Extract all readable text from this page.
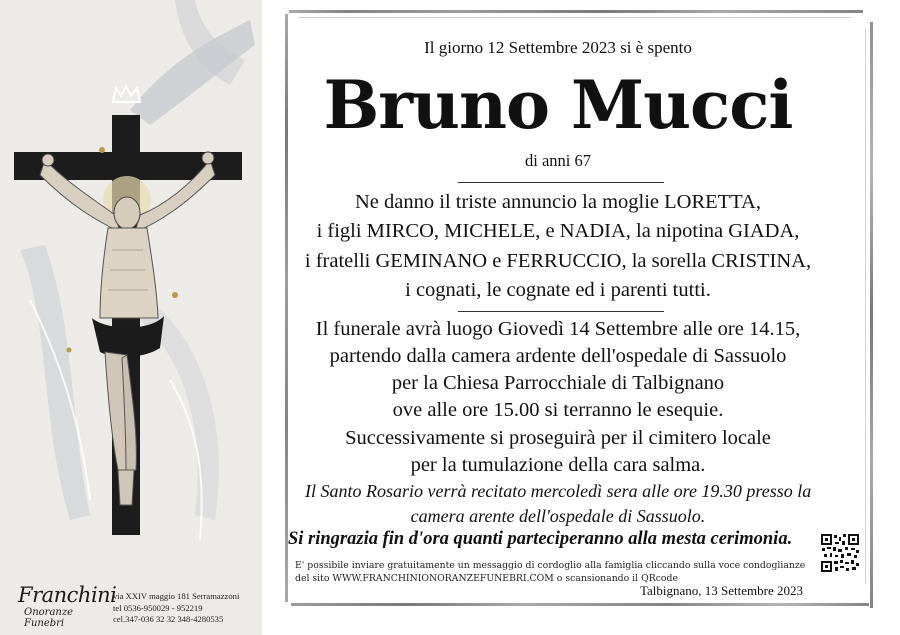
Franchini
Onoranze Funebri
via XXIV maggio 181 Serramazzoni
tel 0536-950029 - 952219
cel.347-036 32 32 348-4280535
Il giorno 12 Settembre 2023 si è spento
Bruno Mucci
di anni 67
Ne danno il triste annuncio la moglie LORETTA,
i figli MIRCO, MICHELE, e NADIA, la nipotina GIADA,
i fratelli GEMINANO e FERRUCCIO, la sorella CRISTINA,
i cognati, le cognate ed i parenti tutti.
Il funerale avrà luogo Giovedì 14 Settembre alle ore 14.15,
partendo dalla camera ardente dell'ospedale di Sassuolo
per la Chiesa Parrocchiale di Talbignano
ove alle ore 15.00 si terranno le esequie.
Successivamente si proseguirà per il cimitero locale
per la tumulazione della cara salma.
Il Santo Rosario verrà recitato mercoledì sera alle ore 19.30 presso la
camera arente dell'ospedale di Sassuolo.
Si ringrazia fin d'ora quanti parteciperanno alla mesta cerimonia.
E' possibile inviare gratuitamente un messaggio di cordoglio alla famiglia cliccando sulla voce condoglianze
del sito WWW.FRANCHINIONORANZEFUNEBRI.COM o scansionando il QRcode
Talbignano, 13 Settembre 2023
